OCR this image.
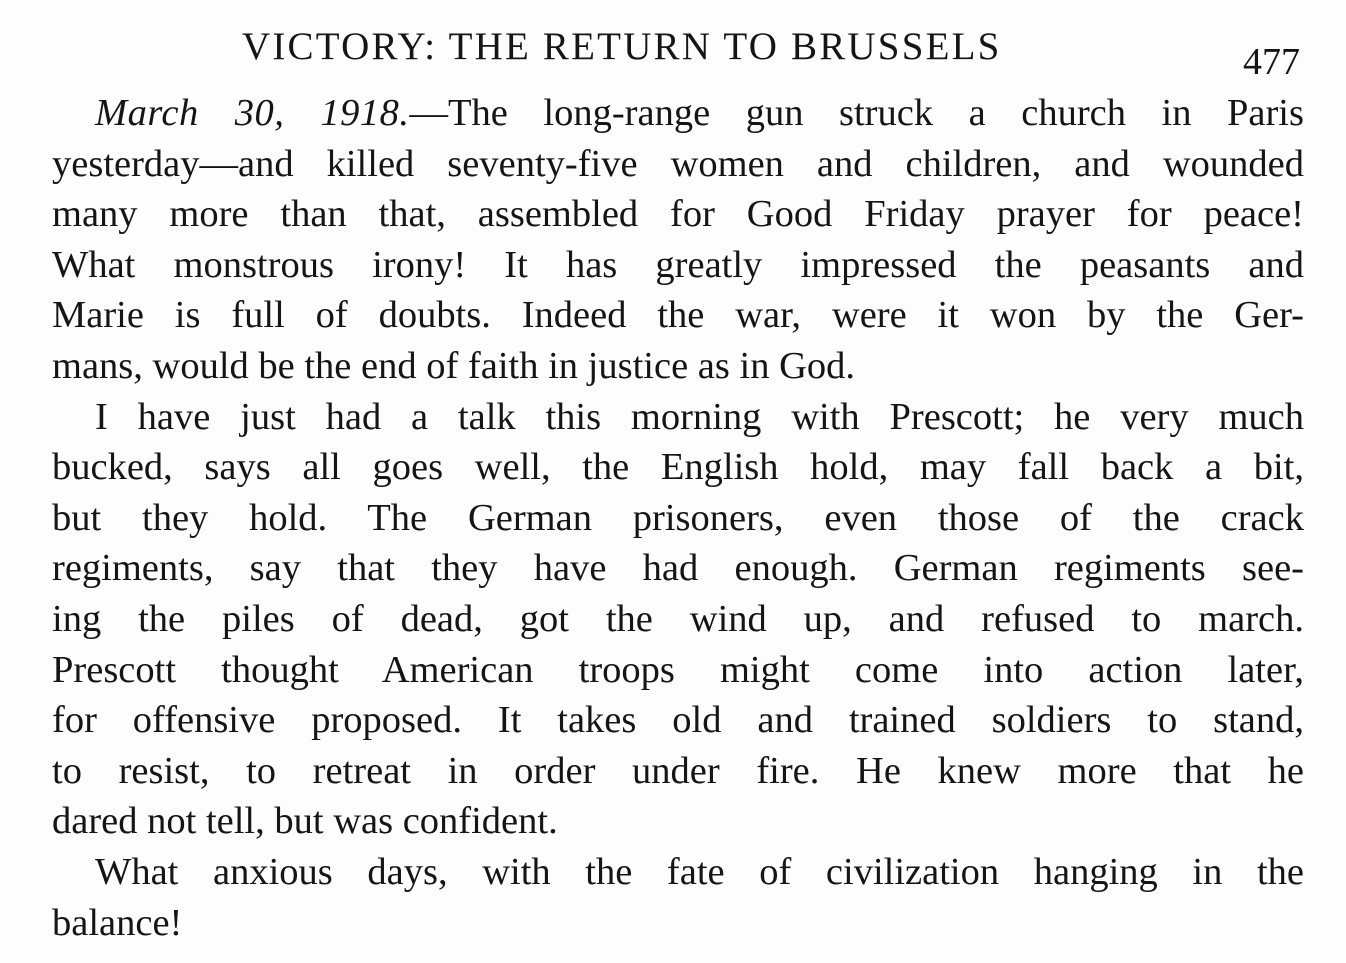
VICTORY: THE RETURN TO BRUSSELS	477
March 30, 1918.—The long-range gun struck a church in Paris
yesterday—and killed seventy-five women and children, and wounded
many more than that, assembled for Good Friday prayer for peace!
What monstrous irony! It has greatly impressed the peasants and
Marie is full of doubts. Indeed the war, were it won by the Ger-
mans, would be the end of faith in justice as in God.
I have just had a talk this morning with Prescott; he very much
bucked, says all goes well, the English hold, may fall back a bit,
but they hold. The German prisoners, even those of the crack
regiments, say that they have had enough. German regiments see-
ing the piles of dead, got the wind up, and refused to march.
Prescott thought American troops might come into action later,
for offensive proposed. It takes old and trained soldiers to stand,
to resist, to retreat in order under fire. He knew more that he
dared not tell, but was confident.
What anxious days, with the fate of civilization hanging in the
balance!
